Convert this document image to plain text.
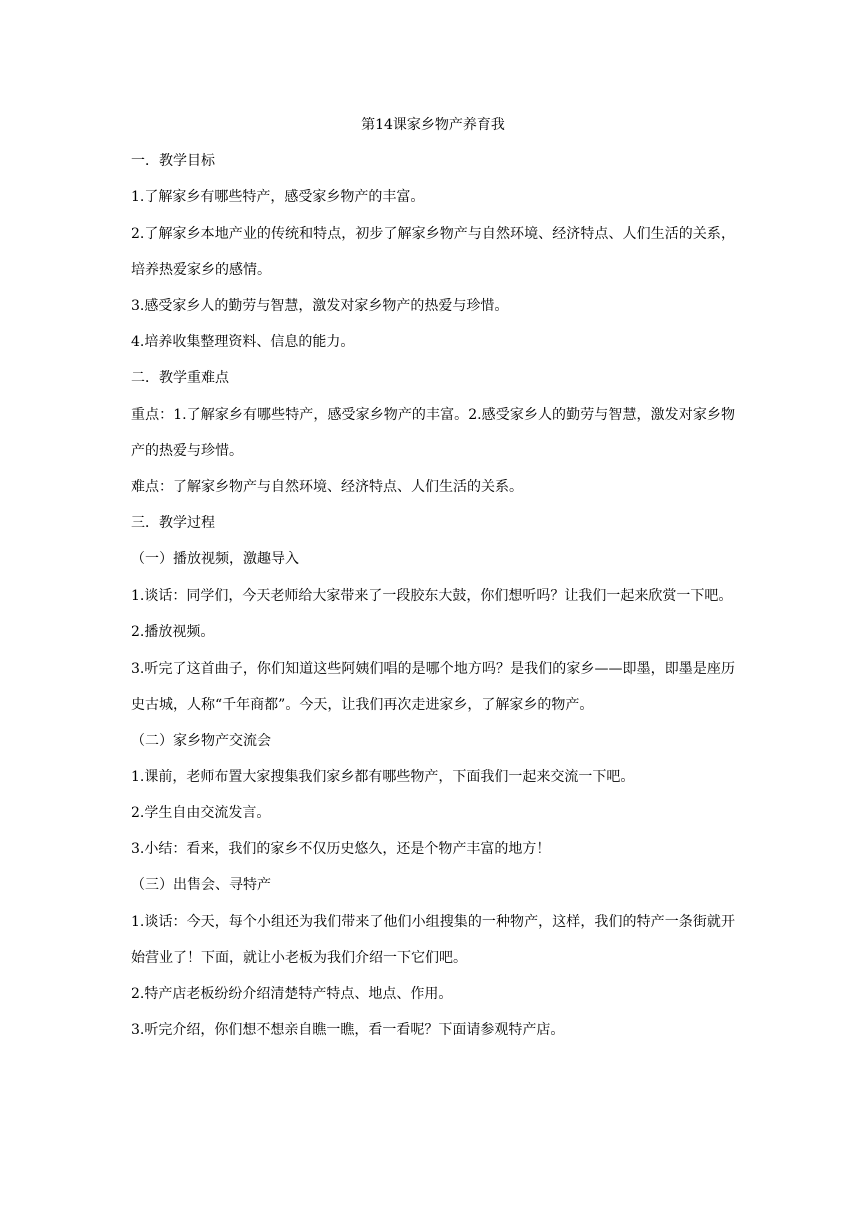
第14课家乡物产养育我
一．教学目标
1.了解家乡有哪些特产，感受家乡物产的丰富。
2.了解家乡本地产业的传统和特点，初步了解家乡物产与自然环境、经济特点、人们生活的关系，培养热爱家乡的感情。
3.感受家乡人的勤劳与智慧，激发对家乡物产的热爱与珍惜。
4.培养收集整理资料、信息的能力。
二．教学重难点
重点：1.了解家乡有哪些特产，感受家乡物产的丰富。2.感受家乡人的勤劳与智慧，激发对家乡物产的热爱与珍惜。
难点：了解家乡物产与自然环境、经济特点、人们生活的关系。
三．教学过程
（一）播放视频，激趣导入
1.谈话：同学们，今天老师给大家带来了一段胶东大鼓，你们想听吗？让我们一起来欣赏一下吧。
2.播放视频。
3.听完了这首曲子，你们知道这些阿姨们唱的是哪个地方吗？是我们的家乡——即墨，即墨是座历史古城，人称“千年商都”。今天，让我们再次走进家乡，了解家乡的物产。
（二）家乡物产交流会
1.课前，老师布置大家搜集我们家乡都有哪些物产，下面我们一起来交流一下吧。
2.学生自由交流发言。
3.小结：看来，我们的家乡不仅历史悠久，还是个物产丰富的地方！
（三）出售会、寻特产
1.谈话：今天，每个小组还为我们带来了他们小组搜集的一种物产，这样，我们的特产一条街就开始营业了！下面，就让小老板为我们介绍一下它们吧。
2.特产店老板纷纷介绍清楚特产特点、地点、作用。
3.听完介绍，你们想不想亲自瞧一瞧，看一看呢？下面请参观特产店。
